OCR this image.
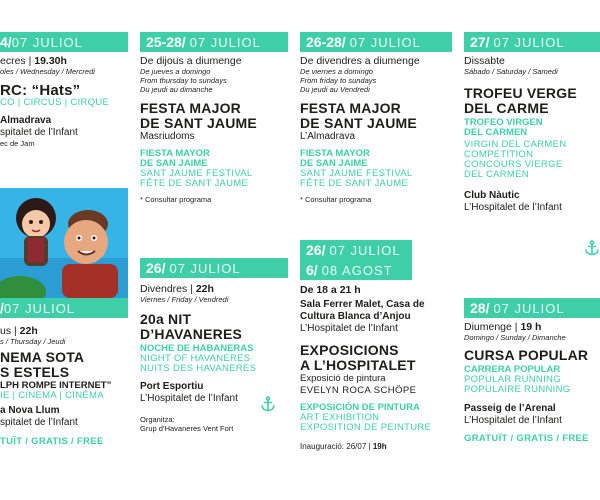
4/ 07 JULIOL
ecres | 19.30h
oles / Wednesday / Mercredi
RC: “Hats”
CO | CIRCUS | CIRQUE
Almadrava
spitalet de l’Infant
ec de Jam
/ 07 JULIOL
us | 22h
s / Thursday / Jeudi
NEMA SOTA
S ESTELS
LPH ROMPE INTERNET”
IE | CINEMA | CINÉMA
a Nova Llum
spitalet de l’Infant
TUÏT / GRATIS / FREE
25-28/ 07 JULIOL
De dijous a diumenge
De jueves a domingo
From thursday to sundays
Du jeudi au dimanche
FESTA MAJOR
DE SANT JAUME
Masriudoms
FIESTA MAYOR
DE SAN JAIME
SANT JAUME FESTIVAL
FÊTE DE SANT JAUME
* Consultar programa
26/ 07 JULIOL
Divendres | 22h
Viernes / Friday / Vendredi
20a NIT
D’HAVANERES
NOCHE DE HABANERAS
NIGHT OF HAVANERES
NUITS DES HAVANERES
Port Esportiu
L’Hospitalet de l’Infant
Organitza:
Grup d’Havaneres Vent Fort
26-28/ 07 JULIOL
De divendres a diumenge
De viernes a domingo
From friday to sundays
Du jeudi au Vendredi
FESTA MAJOR
DE SANT JAUME
L’Almadrava
FIESTA MAYOR
DE SAN JAIME
SANT JAUME FESTIVAL
FÊTE DE SANT JAUME
* Consultar programa
26/ 07 JULIOL
6/ 08 AGOST
De 18 a 21 h
Sala Ferrer Malet, Casa de
Cultura Blanca d’Anjou
L’Hospitalet de l’Infant
EXPOSICIONS
A L’HOSPITALET
Exposició de pintura
EVELYN ROCA SCHÖPE
EXPOSICIÓN DE PINTURA
ART EXHIBITION
EXPOSITION DE PEINTURE
Inauguració: 26/07 | 19h
27/ 07 JULIOL
Dissabte
Sábado / Saturday / Samedi
TROFEU VERGE
DEL CARME
TROFEO VIRGEN
DEL CARMEN
VIRGIN DEL CARMEN
COMPETITION
CONCOURS VIERGE
DEL CARMEN
Club Nàutic
L’Hospitalet de l’Infant
28/ 07 JULIOL
Diumenge | 19 h
Domingo / Sunday / Dimanche
CURSA POPULAR
CARRERA POPULAR
POPULAR RUNNING
POPULAIRE RUNNING
Passeig de l’Arenal
L’Hospitalet de l’Infant
GRATUÏT / GRATIS / FREE
